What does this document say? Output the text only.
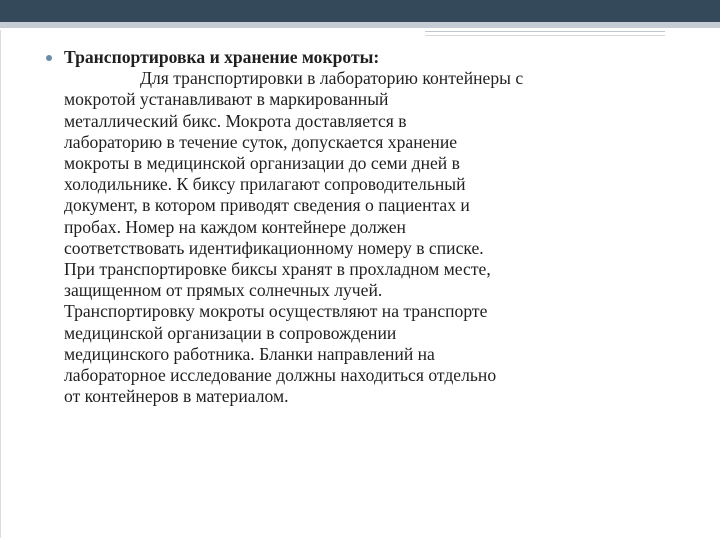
Транспортировка и хранение мокроты:
Для транспортировки в лабораторию контейнеры с
мокротой устанавливают в маркированный
металлический бикс. Мокрота доставляется в
лабораторию в течение суток, допускается хранение
мокроты в медицинской организации до семи дней в
холодильнике. К биксу прилагают сопроводительный
документ, в котором приводят сведения о пациентах и
пробах. Номер на каждом контейнере должен
соответствовать идентификационному номеру в списке.
При транспортировке биксы хранят в прохладном месте,
защищенном от прямых солнечных лучей.
Транспортировку мокроты осуществляют на транспорте
медицинской организации в сопровождении
медицинского работника. Бланки направлений на
лабораторное исследование должны находиться отдельно
от контейнеров в материалом.
